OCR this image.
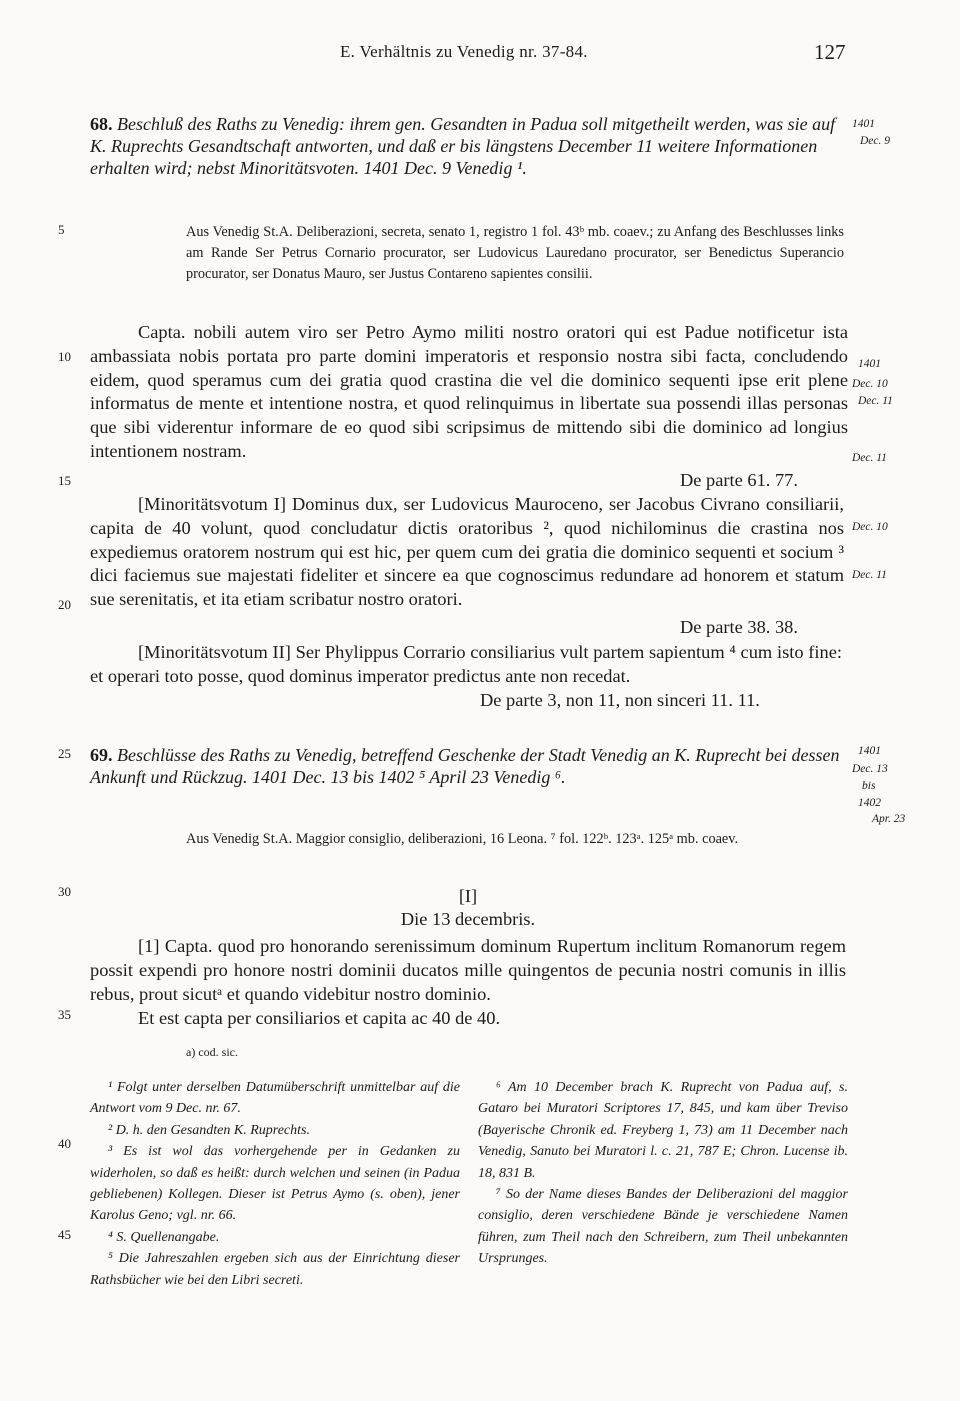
E. Verhältnis zu Venedig nr. 37-84.	127
5
10
15
20
25
30
35
40
45
1401
Dec. 9
1401
Dec. 10
Dec. 11
Dec. 11
Dec. 10
Dec. 11
1401
Dec. 13
bis
1402
Apr. 23
68. Beschluß des Raths zu Venedig: ihrem gen. Gesandten in Padua soll mitgetheilt werden, was sie auf K. Ruprechts Gesandtschaft antworten, und daß er bis längstens December 11 weitere Informationen erhalten wird; nebst Minoritätsvoten. 1401 Dec. 9 Venedig ¹.
Aus Venedig St.A. Deliberazioni, secreta, senato 1, registro 1 fol. 43ᵇ mb. coaev.; zu Anfang des Beschlusses links am Rande Ser Petrus Cornario procurator, ser Ludovicus Lauredano procurator, ser Benedictus Superancio procurator, ser Donatus Mauro, ser Justus Contareno sapientes consilii.
Capta. nobili autem viro ser Petro Aymo militi nostro oratori qui est Padue notificetur ista ambassiata nobis portata pro parte domini imperatoris et responsio nostra sibi facta, concludendo eidem, quod speramus cum dei gratia quod crastina die vel die dominico sequenti ipse erit plene informatus de mente et intentione nostra, et quod relinquimus in libertate sua possendi illas personas que sibi viderentur informare de eo quod sibi scripsimus de mittendo sibi die dominico ad longius intentionem nostram.
De parte 61. 77.
[Minoritätsvotum I] Dominus dux, ser Ludovicus Mauroceno, ser Jacobus Civrano consiliarii, capita de 40 volunt, quod concludatur dictis oratoribus ², quod nichilominus die crastina nos expediemus oratorem nostrum qui est hic, per quem cum dei gratia die dominico sequenti et socium ³ dici faciemus sue majestati fideliter et sincere ea que cognoscimus redundare ad honorem et statum sue serenitatis, et ita etiam scribatur nostro oratori.
De parte 38. 38.
[Minoritätsvotum II] Ser Phylippus Corrario consiliarius vult partem sapientum ⁴ cum isto fine: et operari toto posse, quod dominus imperator predictus ante non recedat.
De parte 3, non 11, non sinceri 11. 11.
69. Beschlüsse des Raths zu Venedig, betreffend Geschenke der Stadt Venedig an K. Ruprecht bei dessen Ankunft und Rückzug. 1401 Dec. 13 bis 1402 ⁵ April 23 Venedig ⁶.
Aus Venedig St.A. Maggior consiglio, deliberazioni, 16 Leona. ⁷ fol. 122ᵇ. 123ᵃ. 125ᵃ mb. coaev.
[I]
Die 13 decembris.
[1] Capta. quod pro honorando serenissimum dominum Rupertum inclitum Romanorum regem possit expendi pro honore nostri dominii ducatos mille quingentos de pecunia nostri comunis in illis rebus, prout sicutᵃ et quando videbitur nostro dominio.
Et est capta per consiliarios et capita ac 40 de 40.
a) cod. sic.
¹ Folgt unter derselben Datumüberschrift unmittelbar auf die Antwort vom 9 Dec. nr. 67.
² D. h. den Gesandten K. Ruprechts.
³ Es ist wol das vorhergehende per in Gedanken zu widerholen, so daß es heißt: durch welchen und seinen (in Padua gebliebenen) Kollegen. Dieser ist Petrus Aymo (s. oben), jener Karolus Geno; vgl. nr. 66.
⁴ S. Quellenangabe.
⁵ Die Jahreszahlen ergeben sich aus der Einrichtung dieser Rathsbücher wie bei den Libri secreti.
⁶ Am 10 December brach K. Ruprecht von Padua auf, s. Gataro bei Muratori Scriptores 17, 845, und kam über Treviso (Bayerische Chronik ed. Freyberg 1, 73) am 11 December nach Venedig, Sanuto bei Muratori l. c. 21, 787 E; Chron. Lucense ib. 18, 831 B.
⁷ So der Name dieses Bandes der Deliberazioni del maggior consiglio, deren verschiedene Bände je verschiedene Namen führen, zum Theil nach den Schreibern, zum Theil unbekannten Ursprunges.
